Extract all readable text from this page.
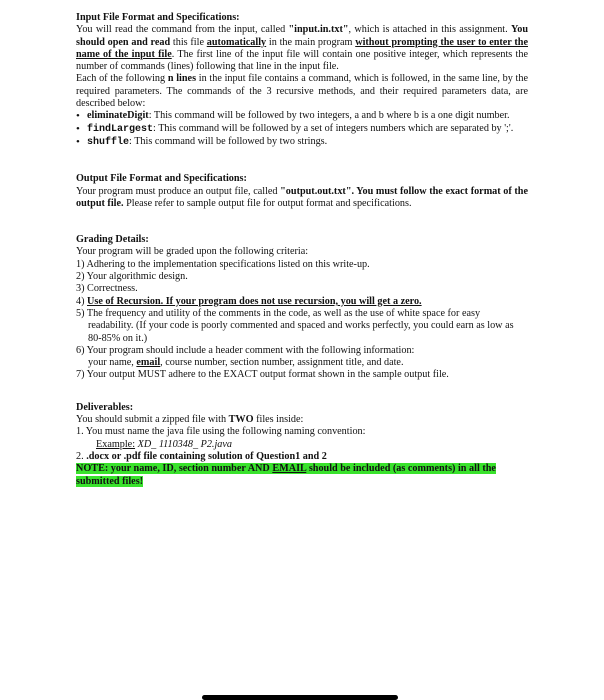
Input File Format and Specifications:

You will read the command from the input, called "input.in.txt", which is attached in this assignment. You should open and read this file automatically in the main program without prompting the user to enter the name of the input file. The first line of the input file will contain one positive integer, which represents the number of commands (lines) following that line in the input file.

Each of the following n lines in the input file contains a command, which is followed, in the same line, by the required parameters. The commands of the 3 recursive methods, and their required parameters data, are described below:

• eliminateDigit: This command will be followed by two integers, a and b where b is a one digit number.
• findLargest: This command will be followed by a set of integers numbers which are separated by ';'.
• shuffle: This command will be followed by two strings.
Output File Format and Specifications:

Your program must produce an output file, called "output.out.txt". You must follow the exact format of the output file. Please refer to sample output file for output format and specifications.

Grading Details:

Your program will be graded upon the following criteria:

1) Adhering to the implementation specifications listed on this write-up.
2) Your algorithmic design.
3) Correctness.
4) Use of Recursion. If your program does not use recursion, you will get a zero.
5) The frequency and utility of the comments in the code, as well as the use of white space for easy readability. (If your code is poorly commented and spaced and works perfectly, you could earn as low as 80-85% on it.)
6) Your program should include a header comment with the following information:
your name, email, course number, section number, assignment title, and date.
7) Your output MUST adhere to the EXACT output format shown in the sample output file.
Deliverables:

You should submit a zipped file with TWO files inside:

1. You must name the java file using the following naming convention:
Example: XD_ 1110348_ P2.java
2. .docx or .pdf file containing solution of Question1 and 2
NOTE: your name, ID, section number AND EMAIL should be included (as comments) in all the submitted files!
